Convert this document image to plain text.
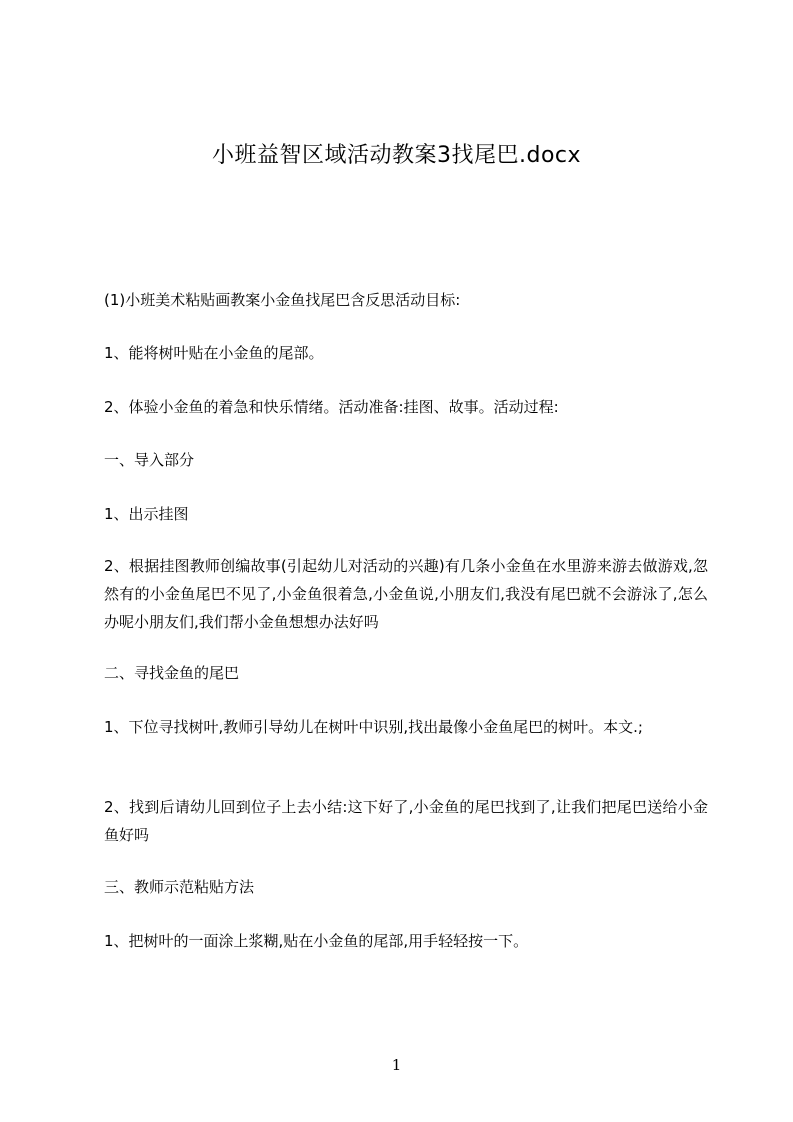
小班益智区域活动教案3找尾巴.docx

(1)小班美术粘贴画教案小金鱼找尾巴含反思活动目标:

1、能将树叶贴在小金鱼的尾部。

2、体验小金鱼的着急和快乐情绪。活动准备:挂图、故事。活动过程:

一、导入部分

1、出示挂图

2、根据挂图教师创编故事(引起幼儿对活动的兴趣)有几条小金鱼在水里游来游去做游戏,忽然有的小金鱼尾巴不见了,小金鱼很着急,小金鱼说,小朋友们,我没有尾巴就不会游泳了,怎么办呢小朋友们,我们帮小金鱼想想办法好吗

二、寻找金鱼的尾巴

1、下位寻找树叶,教师引导幼儿在树叶中识别,找出最像小金鱼尾巴的树叶。本文.;

2、找到后请幼儿回到位子上去小结:这下好了,小金鱼的尾巴找到了,让我们把尾巴送给小金鱼好吗

三、教师示范粘贴方法

1、把树叶的一面涂上浆糊,贴在小金鱼的尾部,用手轻轻按一下。

1
